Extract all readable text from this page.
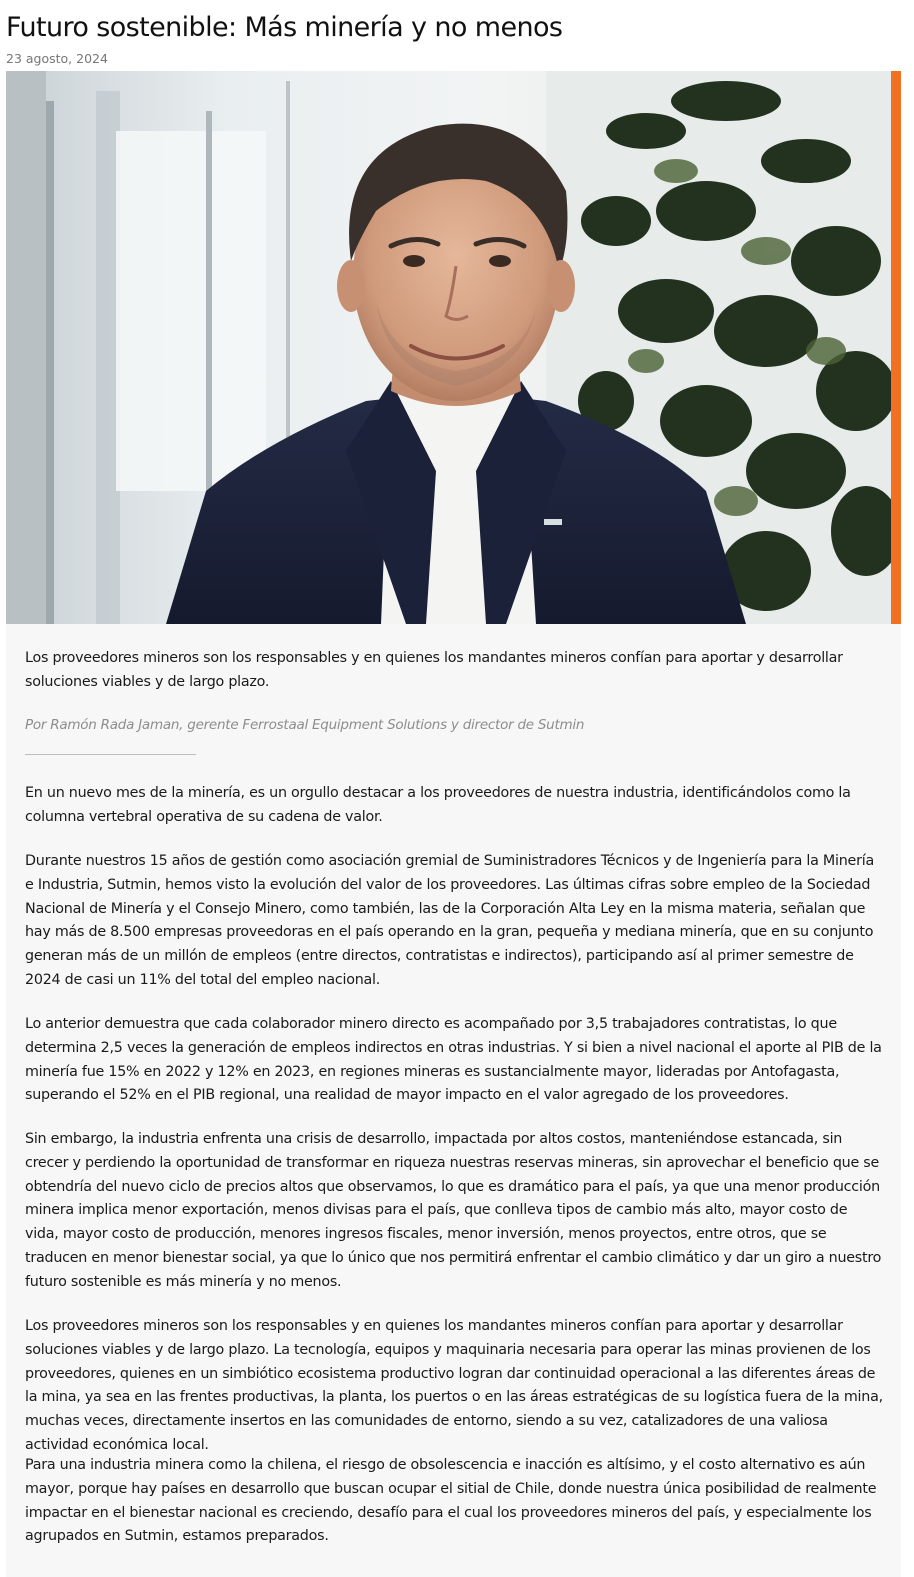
Futuro sostenible: Más minería y no menos
23 agosto, 2024

Los proveedores mineros son los responsables y en quienes los mandantes mineros confían para aportar y desarrollar soluciones viables y de largo plazo.

Por Ramón Rada Jaman, gerente Ferrostaal Equipment Solutions y director de Sutmin

En un nuevo mes de la minería, es un orgullo destacar a los proveedores de nuestra industria, identificándolos como la columna vertebral operativa de su cadena de valor.

Durante nuestros 15 años de gestión como asociación gremial de Suministradores Técnicos y de Ingeniería para la Minería e Industria, Sutmin, hemos visto la evolución del valor de los proveedores. Las últimas cifras sobre empleo de la Sociedad Nacional de Minería y el Consejo Minero, como también, las de la Corporación Alta Ley en la misma materia, señalan que hay más de 8.500 empresas proveedoras en el país operando en la gran, pequeña y mediana minería, que en su conjunto generan más de un millón de empleos (entre directos, contratistas e indirectos), participando así al primer semestre de 2024 de casi un 11% del total del empleo nacional.

Lo anterior demuestra que cada colaborador minero directo es acompañado por 3,5 trabajadores contratistas, lo que determina 2,5 veces la generación de empleos indirectos en otras industrias. Y si bien a nivel nacional el aporte al PIB de la minería fue 15% en 2022 y 12% en 2023, en regiones mineras es sustancialmente mayor, lideradas por Antofagasta, superando el 52% en el PIB regional, una realidad de mayor impacto en el valor agregado de los proveedores.

Sin embargo, la industria enfrenta una crisis de desarrollo, impactada por altos costos, manteniéndose estancada, sin crecer y perdiendo la oportunidad de transformar en riqueza nuestras reservas mineras, sin aprovechar el beneficio que se obtendría del nuevo ciclo de precios altos que observamos, lo que es dramático para el país, ya que una menor producción minera implica menor exportación, menos divisas para el país, que conlleva tipos de cambio más alto, mayor costo de vida, mayor costo de producción, menores ingresos fiscales, menor inversión, menos proyectos, entre otros, que se traducen en menor bienestar social, ya que lo único que nos permitirá enfrentar el cambio climático y dar un giro a nuestro futuro sostenible es más minería y no menos.

Los proveedores mineros son los responsables y en quienes los mandantes mineros confían para aportar y desarrollar soluciones viables y de largo plazo. La tecnología, equipos y maquinaria necesaria para operar las minas provienen de los proveedores, quienes en un simbiótico ecosistema productivo logran dar continuidad operacional a las diferentes áreas de la mina, ya sea en las frentes productivas, la planta, los puertos o en las áreas estratégicas de su logística fuera de la mina, muchas veces, directamente insertos en las comunidades de entorno, siendo a su vez, catalizadores de una valiosa actividad económica local.

Para una industria minera como la chilena, el riesgo de obsolescencia e inacción es altísimo, y el costo alternativo es aún mayor, porque hay países en desarrollo que buscan ocupar el sitial de Chile, donde nuestra única posibilidad de realmente impactar en el bienestar nacional es creciendo, desafío para el cual los proveedores mineros del país, y especialmente los agrupados en Sutmin, estamos preparados.
